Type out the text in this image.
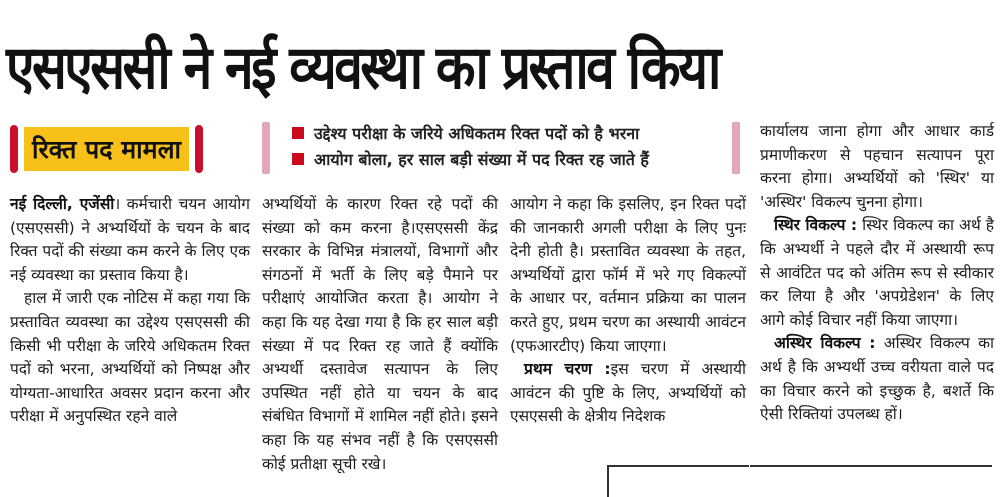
एसएससी ने नई व्यवस्था का प्रस्ताव किया
रिक्त पद मामला
उद्देश्य परीक्षा के जरिये अधिकतम रिक्त पदों को है भरना
आयोग बोला, हर साल बड़ी संख्या में पद रिक्त रह जाते हैं

नई दिल्ली, एजेंसी। कर्मचारी चयन आयोग (एसएससी) ने अभ्यर्थियों के चयन के बाद रिक्त पदों की संख्या कम करने के लिए एक नई व्यवस्था का प्रस्ताव किया है।

हाल में जारी एक नोटिस में कहा गया कि प्रस्तावित व्यवस्था का उद्देश्य एसएससी की किसी भी परीक्षा के जरिये अधिकतम रिक्त पदों को भरना, अभ्यर्थियों को निष्पक्ष और योग्यता-आधारित अवसर प्रदान करना और परीक्षा में अनुपस्थित रहने वाले

अभ्यर्थियों के कारण रिक्त रहे पदों की संख्या को कम करना है।एसएससी केंद्र सरकार के विभिन्न मंत्रालयों, विभागों और संगठनों में भर्ती के लिए बड़े पैमाने पर परीक्षाएं आयोजित करता है। आयोग ने कहा कि यह देखा गया है कि हर साल बड़ी संख्या में पद रिक्त रह जाते हैं क्योंकि अभ्यर्थी दस्तावेज सत्यापन के लिए उपस्थित नहीं होते या चयन के बाद संबंधित विभागों में शामिल नहीं होते। इसने कहा कि यह संभव नहीं है कि एसएससी कोई प्रतीक्षा सूची रखे।

आयोग ने कहा कि इसलिए, इन रिक्त पदों की जानकारी अगली परीक्षा के लिए पुनः देनी होती है। प्रस्तावित व्यवस्था के तहत, अभ्यर्थियों द्वारा फॉर्म में भरे गए विकल्पों के आधार पर, वर्तमान प्रक्रिया का पालन करते हुए, प्रथम चरण का अस्थायी आवंटन (एफआरटीए) किया जाएगा।

प्रथम चरण :इस चरण में अस्थायी आवंटन की पुष्टि के लिए, अभ्यर्थियों को एसएससी के क्षेत्रीय निदेशक

कार्यालय जाना होगा और आधार कार्ड प्रमाणीकरण से पहचान सत्यापन पूरा करना होगा। अभ्यर्थियों को 'स्थिर' या 'अस्थिर' विकल्प चुनना होगा।

स्थिर विकल्प : स्थिर विकल्प का अर्थ है कि अभ्यर्थी ने पहले दौर में अस्थायी रूप से आवंटित पद को अंतिम रूप से स्वीकार कर लिया है और 'अपग्रेडेशन' के लिए आगे कोई विचार नहीं किया जाएगा।

अस्थिर विकल्प : अस्थिर विकल्प का अर्थ है कि अभ्यर्थी उच्च वरीयता वाले पद का विचार करने को इच्छुक है, बशर्ते कि ऐसी रिक्तियां उपलब्ध हों।
